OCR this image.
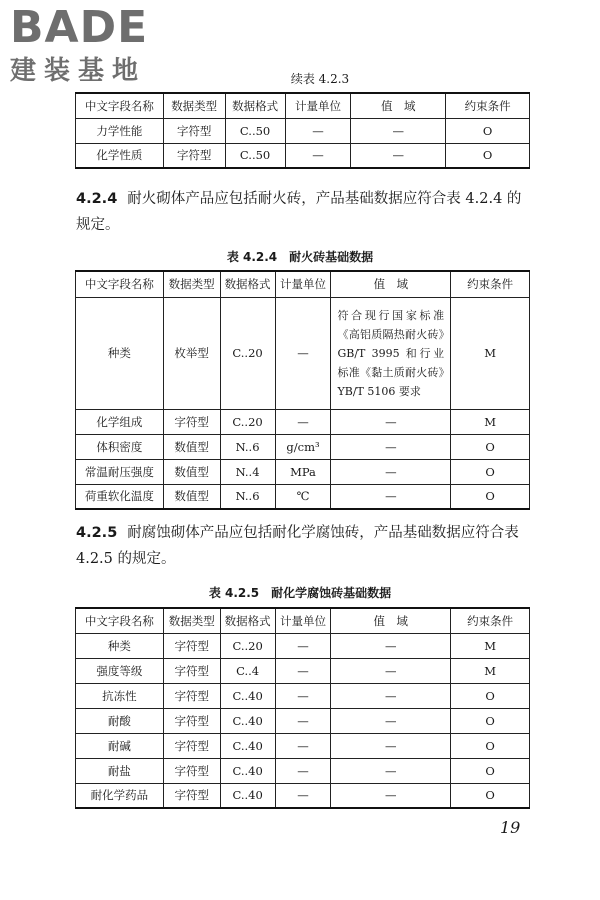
BADE
建装基地	续表 4.2.3
中文字段名称	数据类型	数据格式	计量单位	值　域	约束条件
力学性能	字符型	C..50	—	—	O
化学性质	字符型	C..50	—	—	O
4.2.4 耐火砌体产品应包括耐火砖，产品基础数据应符合表 4.2.4 的规定。
表 4.2.4　耐火砖基础数据
中文字段名称	数据类型	数据格式	计量单位	值　域	约束条件
种类	枚举型	C..20	—	符合现行国家标准《高铝质隔热耐火砖》GB/T 3995 和行业标准《黏土质耐火砖》YB/T 5106 要求	M
化学组成	字符型	C..20	—	—	M
体积密度	数值型	N..6	g/cm³	—	O
常温耐压强度	数值型	N..4	MPa	—	O
荷重软化温度	数值型	N..6	℃	—	O
4.2.5 耐腐蚀砌体产品应包括耐化学腐蚀砖，产品基础数据应符合表 4.2.5 的规定。
表 4.2.5　耐化学腐蚀砖基础数据
中文字段名称	数据类型	数据格式	计量单位	值　域	约束条件
种类	字符型	C..20	—	—	M
强度等级	字符型	C..4	—	—	M
抗冻性	字符型	C..40	—	—	O
耐酸	字符型	C..40	—	—	O
耐碱	字符型	C..40	—	—	O
耐盐	字符型	C..40	—	—	O
耐化学药品	字符型	C..40	—	—	O
19
